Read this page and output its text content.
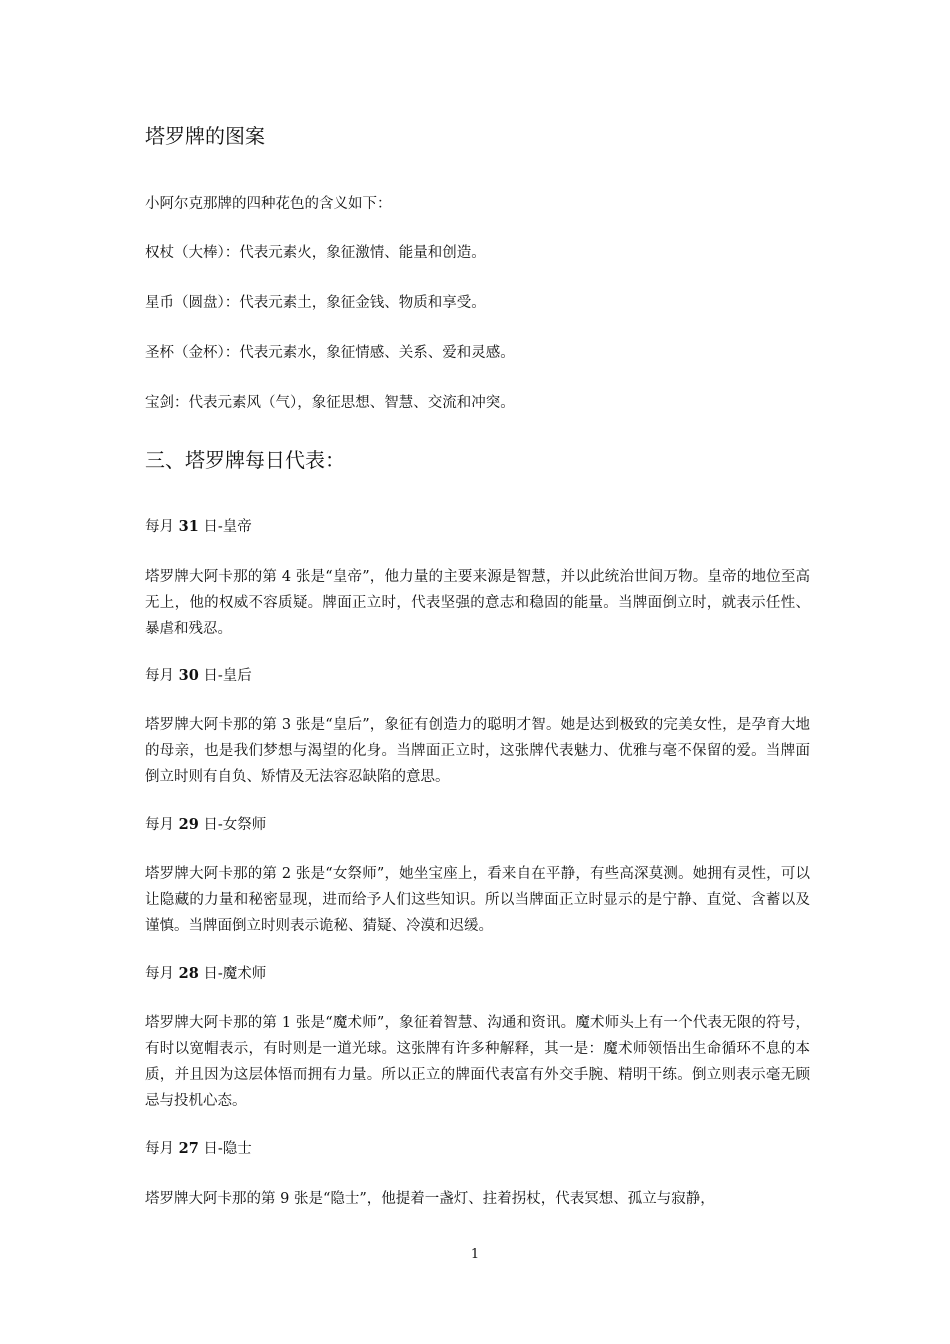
塔罗牌的图案

小阿尔克那牌的四种花色的含义如下：

权杖（大棒）：代表元素火，象征激情、能量和创造。

星币（圆盘）：代表元素土，象征金钱、物质和享受。

圣杯（金杯）：代表元素水，象征情感、关系、爱和灵感。

宝剑：代表元素风（气），象征思想、智慧、交流和冲突。

三、塔罗牌每日代表：

每月 31 日-皇帝

塔罗牌大阿卡那的第 4 张是“皇帝”，他力量的主要来源是智慧，并以此统治世间万物。皇帝的地位至高无上，他的权威不容质疑。牌面正立时，代表坚强的意志和稳固的能量。当牌面倒立时，就表示任性、暴虐和残忍。

每月 30 日-皇后

塔罗牌大阿卡那的第 3 张是“皇后”，象征有创造力的聪明才智。她是达到极致的完美女性，是孕育大地的母亲，也是我们梦想与渴望的化身。当牌面正立时，这张牌代表魅力、优雅与毫不保留的爱。当牌面倒立时则有自负、矫情及无法容忍缺陷的意思。

每月 29 日-女祭师

塔罗牌大阿卡那的第 2 张是“女祭师”，她坐宝座上，看来自在平静，有些高深莫测。她拥有灵性，可以让隐藏的力量和秘密显现，进而给予人们这些知识。所以当牌面正立时显示的是宁静、直觉、含蓄以及谨慎。当牌面倒立时则表示诡秘、猜疑、冷漠和迟缓。

每月 28 日-魔术师

塔罗牌大阿卡那的第 1 张是“魔术师”，象征着智慧、沟通和资讯。魔术师头上有一个代表无限的符号，有时以宽帽表示，有时则是一道光球。这张牌有许多种解释，其一是：魔术师领悟出生命循环不息的本质，并且因为这层体悟而拥有力量。所以正立的牌面代表富有外交手腕、精明干练。倒立则表示毫无顾忌与投机心态。

每月 27 日-隐士

塔罗牌大阿卡那的第 9 张是“隐士”，他提着一盏灯、拄着拐杖，代表冥想、孤立与寂静，

1
